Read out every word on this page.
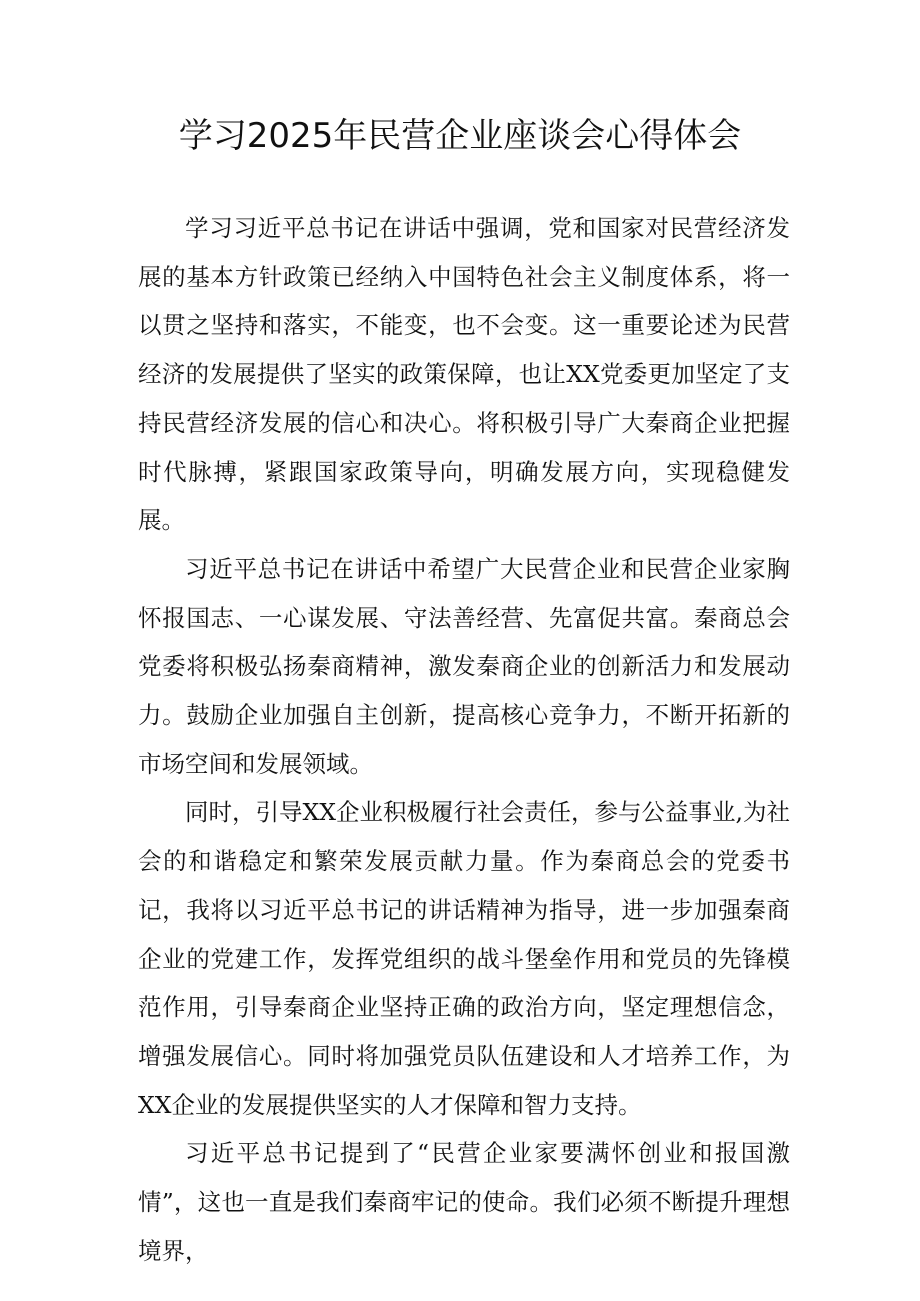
学习2025年民营企业座谈会心得体会

学习习近平总书记在讲话中强调，党和国家对民营经济发展的基本方针政策已经纳入中国特色社会主义制度体系，将一以贯之坚持和落实，不能变，也不会变。这一重要论述为民营经济的发展提供了坚实的政策保障，也让XX党委更加坚定了支持民营经济发展的信心和决心。将积极引导广大秦商企业把握时代脉搏，紧跟国家政策导向，明确发展方向，实现稳健发展。

习近平总书记在讲话中希望广大民营企业和民营企业家胸怀报国志、一心谋发展、守法善经营、先富促共富。秦商总会党委将积极弘扬秦商精神，激发秦商企业的创新活力和发展动力。鼓励企业加强自主创新，提高核心竞争力，不断开拓新的市场空间和发展领域。

同时，引导XX企业积极履行社会责任，参与公益事业,为社会的和谐稳定和繁荣发展贡献力量。作为秦商总会的党委书记，我将以习近平总书记的讲话精神为指导，进一步加强秦商企业的党建工作，发挥党组织的战斗堡垒作用和党员的先锋模范作用，引导秦商企业坚持正确的政治方向，坚定理想信念，增强发展信心。同时将加强党员队伍建设和人才培养工作，为XX企业的发展提供坚实的人才保障和智力支持。

习近平总书记提到了“民营企业家要满怀创业和报国激情”，这也一直是我们秦商牢记的使命。我们必须不断提升理想境界，
